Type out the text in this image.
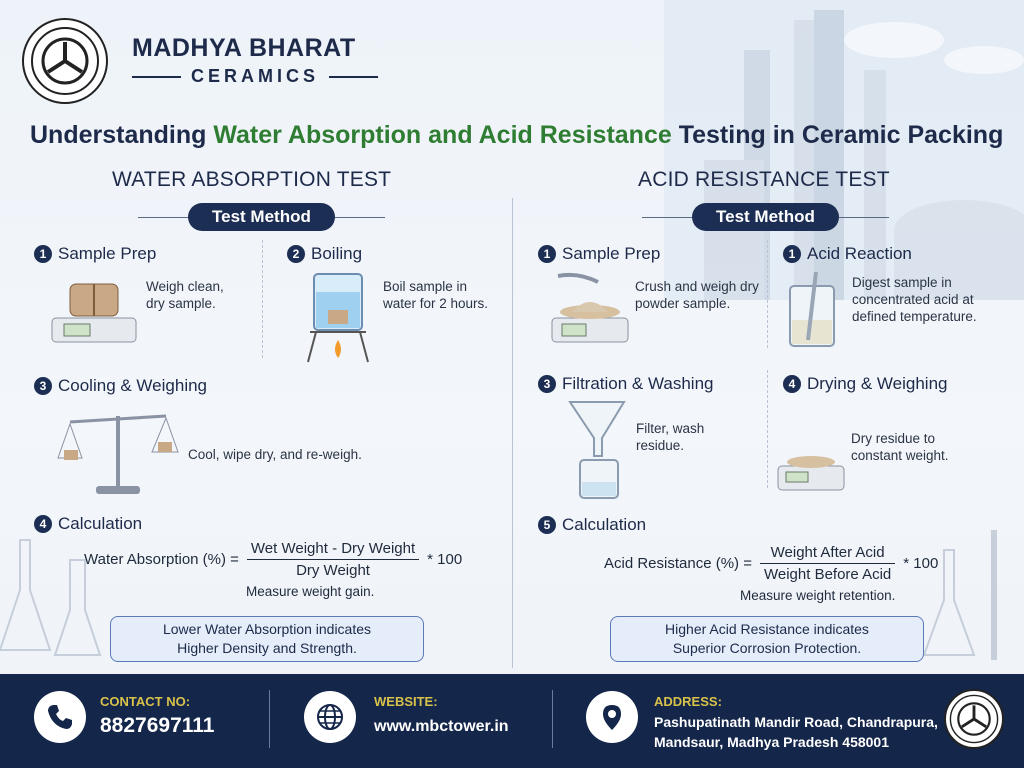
MADHYA BHARAT
CERAMICS
Understanding Water Absorption and Acid Resistance Testing in Ceramic Packing
WATER ABSORPTION TEST	ACID RESISTANCE TEST
Test Method	Test Method
1 Sample Prep
Weigh clean,
dry sample.
2 Boiling
Boil sample in
water for 2 hours.
3 Cooling & Weighing
Cool, wipe dry, and re-weigh.
4 Calculation
Water Absorption (%) = $\frac{\text{Wet Weight - Dry Weight}}{\text{Dry Weight}} * 100$
Measure weight gain.
Lower Water Absorption indicates
Higher Density and Strength.
1 Sample Prep
Crush and weigh dry
powder sample.
1 Acid Reaction
Digest sample in
concentrated acid at
defined temperature.
3 Filtration & Washing
Filter, wash
residue.
4 Drying & Weighing
Dry residue to
constant weight.
5 Calculation
Acid Resistance (%) = $\frac{\text{Weight After Acid}}{\text{Weight Before Acid}} * 100$
Measure weight retention.
Higher Acid Resistance indicates
Superior Corrosion Protection.
CONTACT NO:
8827697111
WEBSITE:
www.mbctower.in
ADDRESS:
Pashupatinath Mandir Road, Chandrapura,
Mandsaur, Madhya Pradesh 458001
